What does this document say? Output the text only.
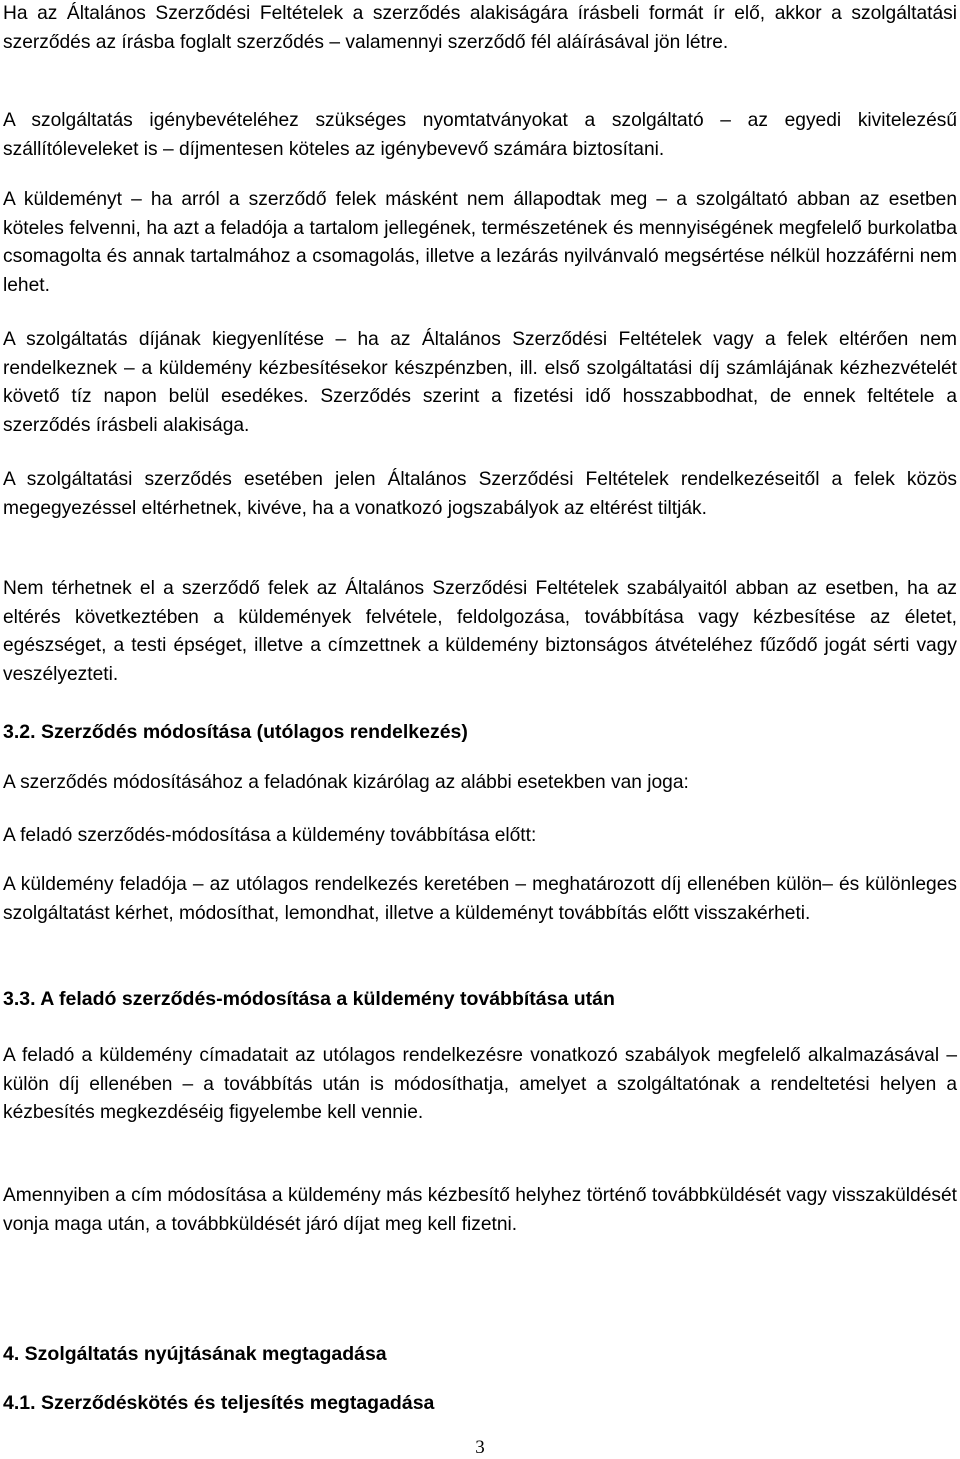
Ha az Általános Szerződési Feltételek a szerződés alakiságára írásbeli formát ír elő, akkor a szolgáltatási szerződés az írásba foglalt szerződés – valamennyi szerződő fél aláírásával jön létre.

A szolgáltatás igénybevételéhez szükséges nyomtatványokat a szolgáltató – az egyedi kivitelezésű szállítóleveleket is – díjmentesen köteles az igénybevevő számára biztosítani.

A küldeményt – ha arról a szerződő felek másként nem állapodtak meg – a szolgáltató abban az esetben köteles felvenni, ha azt a feladója a tartalom jellegének, természetének és mennyiségének megfelelő burkolatba csomagolta és annak tartalmához a csomagolás, illetve a lezárás nyilvánvaló megsértése nélkül hozzáférni nem lehet.

A szolgáltatás díjának kiegyenlítése – ha az Általános Szerződési Feltételek vagy a felek eltérően nem rendelkeznek – a küldemény kézbesítésekor készpénzben, ill. első szolgáltatási díj számlájának kézhezvételét követő tíz napon belül esedékes. Szerződés szerint a fizetési idő hosszabbodhat, de ennek feltétele a szerződés írásbeli alakisága.

A szolgáltatási szerződés esetében jelen Általános Szerződési Feltételek rendelkezéseitől a felek közös megegyezéssel eltérhetnek, kivéve, ha a vonatkozó jogszabályok az eltérést tiltják.

Nem térhetnek el a szerződő felek az Általános Szerződési Feltételek szabályaitól abban az esetben, ha az eltérés következtében a küldemények felvétele, feldolgozása, továbbítása vagy kézbesítése az életet, egészséget, a testi épséget, illetve a címzettnek a küldemény biztonságos átvételéhez fűződő jogát sérti vagy veszélyezteti.

3.2. Szerződés módosítása (utólagos rendelkezés)

A szerződés módosításához a feladónak kizárólag az alábbi esetekben van joga:

A feladó szerződés-módosítása a küldemény továbbítása előtt:

A küldemény feladója – az utólagos rendelkezés keretében – meghatározott díj ellenében külön– és különleges szolgáltatást kérhet, módosíthat, lemondhat, illetve a küldeményt továbbítás előtt visszakérheti.

3.3. A feladó szerződés-módosítása a küldemény továbbítása után

A feladó a küldemény címadatait az utólagos rendelkezésre vonatkozó szabályok megfelelő alkalmazásával – külön díj ellenében – a továbbítás után is módosíthatja, amelyet a szolgáltatónak a rendeltetési helyen a kézbesítés megkezdéséig figyelembe kell vennie.

Amennyiben a cím módosítása a küldemény más kézbesítő helyhez történő továbbküldését vagy visszaküldését vonja maga után, a továbbküldését járó díjat meg kell fizetni.

4. Szolgáltatás nyújtásának megtagadása
4.1. Szerződéskötés és teljesítés megtagadása
3
